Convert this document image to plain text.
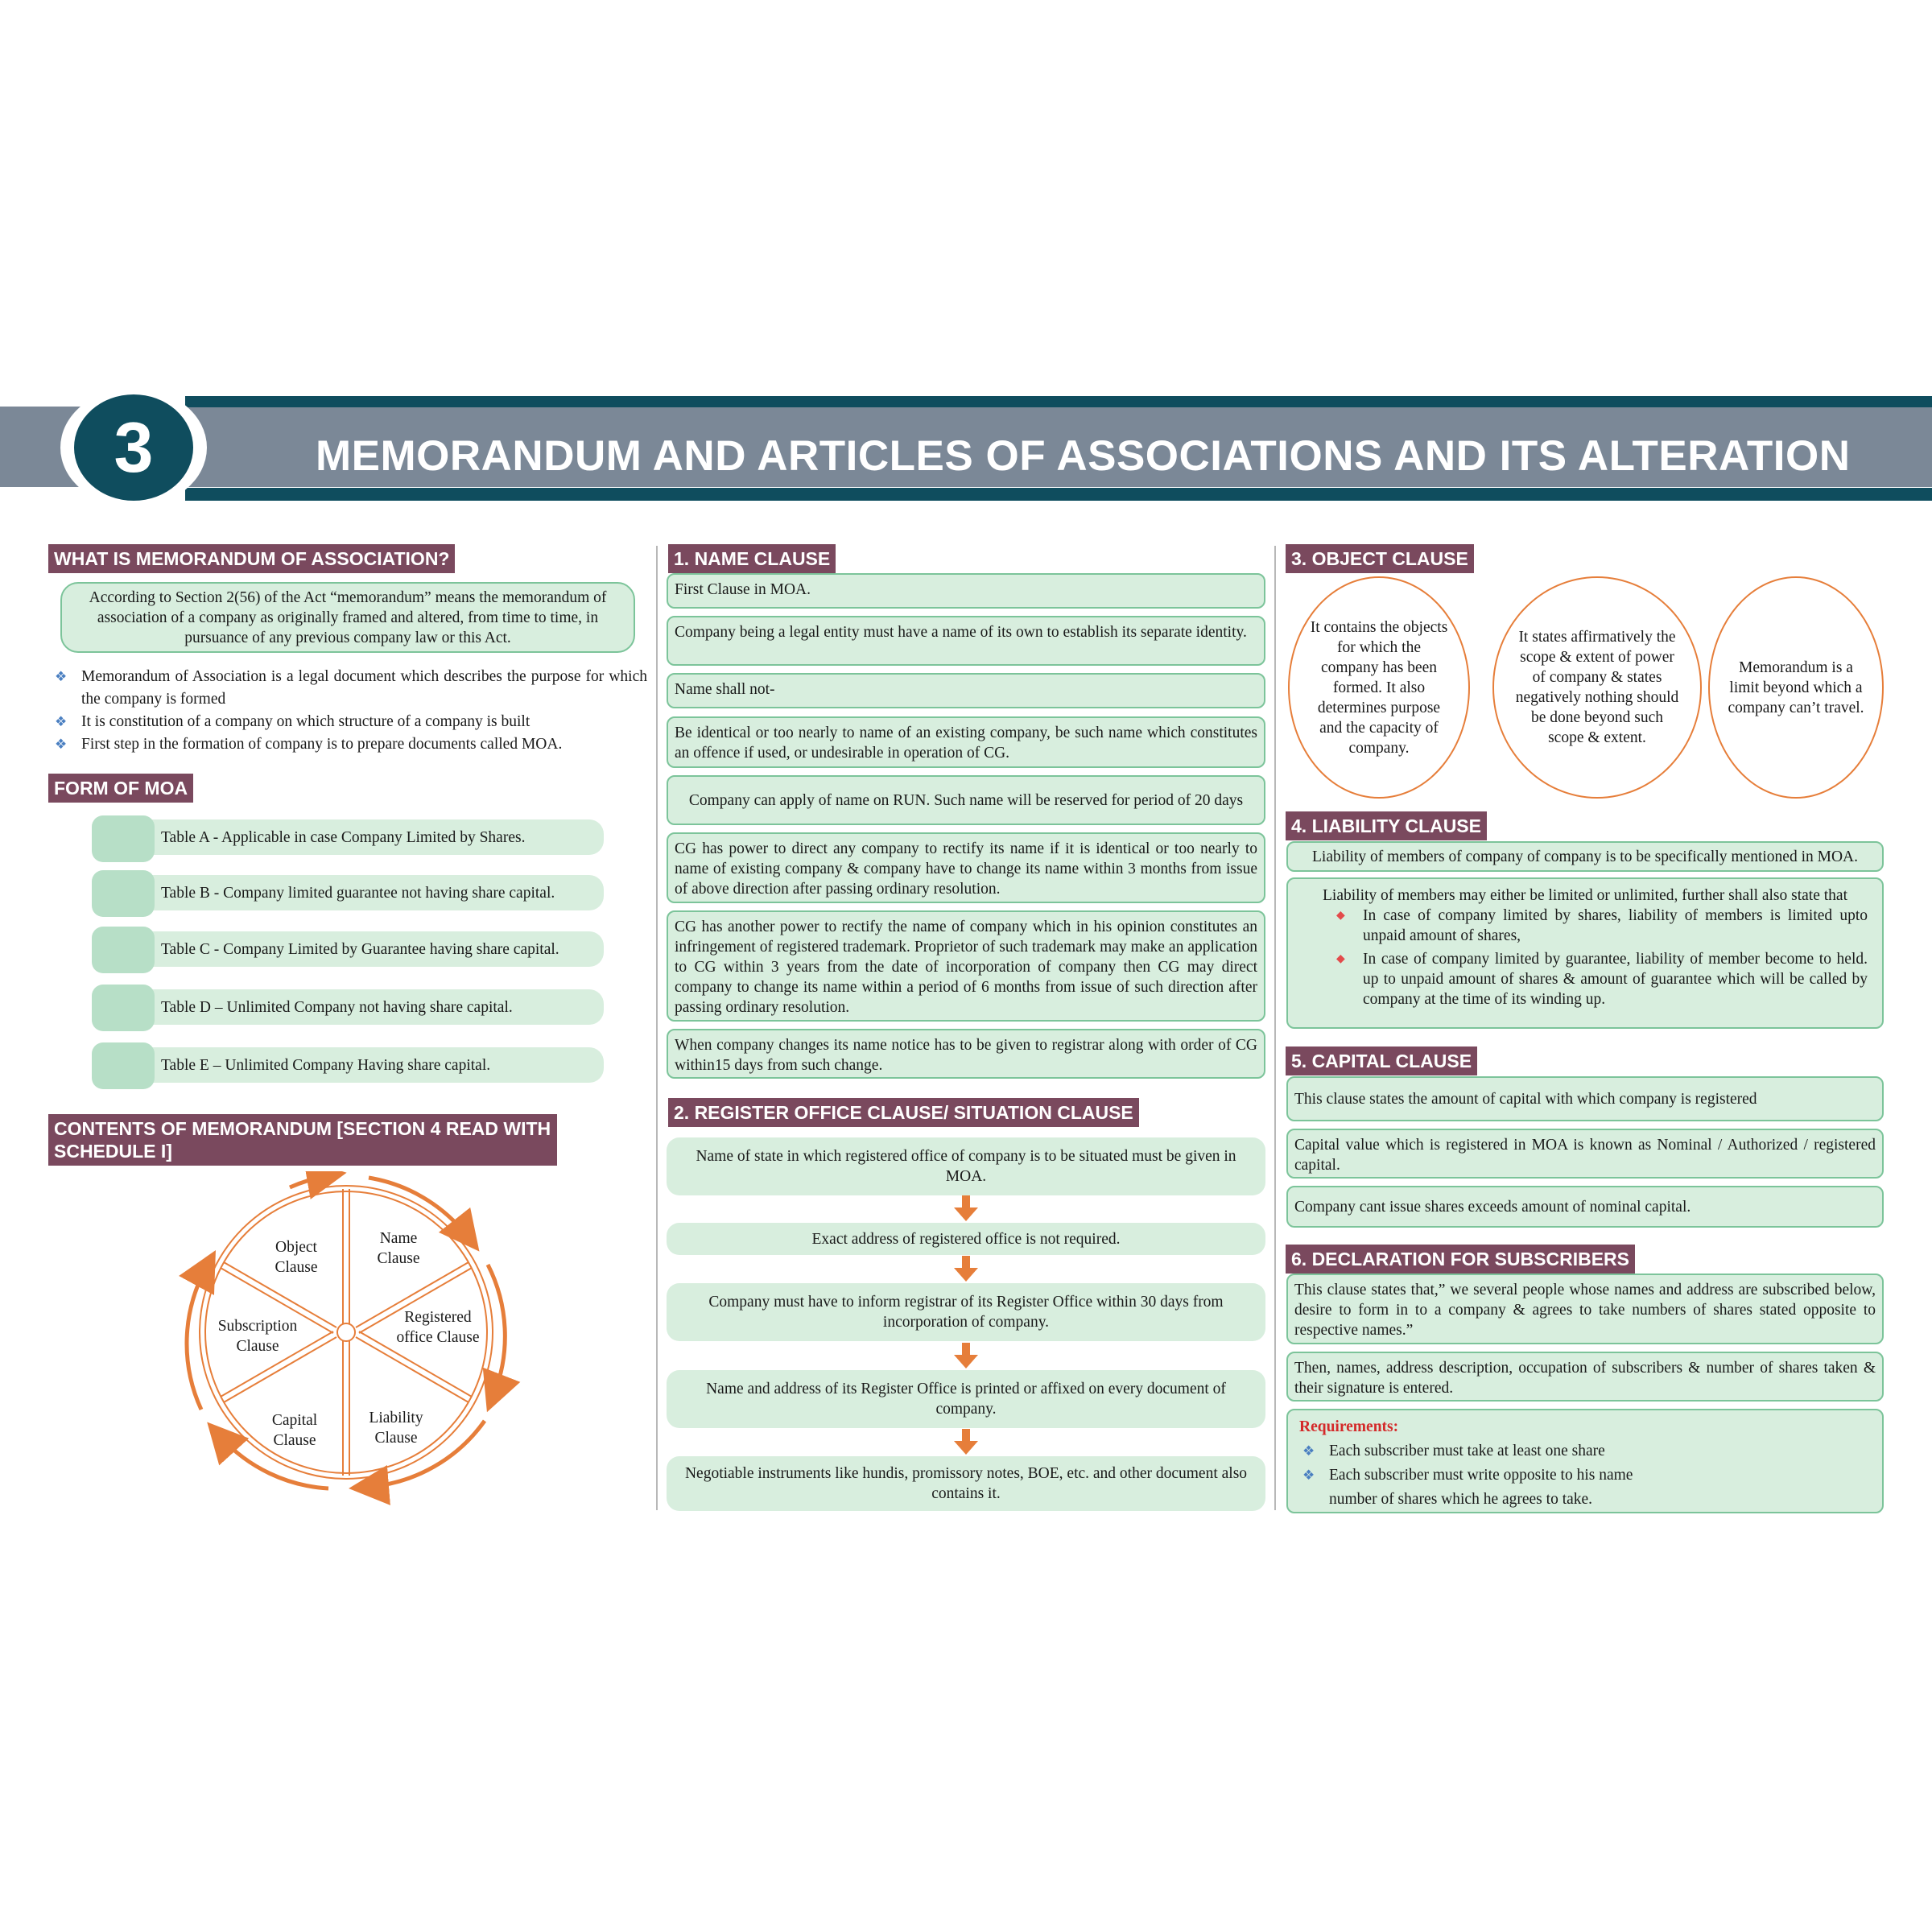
3	MEMORANDUM AND ARTICLES OF ASSOCIATIONS AND ITS ALTERATION
WHAT IS MEMORANDUM OF ASSOCIATION?
According to Section 2(56) of the Act “memorandum” means the memorandum of association of a company as originally framed and altered, from time to time, in pursuance of any previous company law or this Act.
❖ Memorandum of Association is a legal document which describes the purpose for which the company is formed
❖ It is constitution of a company on which structure of a company is built
❖ First step in the formation of company is to prepare documents called MOA.
FORM OF MOA
Table A - Applicable in case Company Limited by Shares.
Table B - Company limited guarantee not having share capital.
Table C - Company Limited by Guarantee having share capital.
Table D – Unlimited Company not having share capital.
Table E – Unlimited Company Having share capital.
CONTENTS OF MEMORANDUM [SECTION 4 READ WITH
SCHEDULE I]
Name Clause
Registered office Clause
Liability Clause
Capital Clause
Subscription Clause
Object Clause
1. NAME CLAUSE
First Clause in MOA.
Company being a legal entity must have a name of its own to establish its separate identity.
Name shall not-
Be identical or too nearly to name of an existing company, be such name which constitutes an offence if used, or undesirable in operation of CG.
Company can apply of name on RUN. Such name will be reserved for period of 20 days
CG has power to direct any company to rectify its name if it is identical or too nearly to name of existing company & company have to change its name within 3 months from issue of above direction after passing ordinary resolution.
CG has another power to rectify the name of company which in his opinion constitutes an infringement of registered trademark. Proprietor of such trademark may make an application to CG within 3 years from the date of incorporation of company then CG may direct company to change its name within a period of 6 months from issue of such direction after passing ordinary resolution.
When company changes its name notice has to be given to registrar along with order of CG within15 days from such change.
2. REGISTER OFFICE CLAUSE/ SITUATION CLAUSE
Name of state in which registered office of company is to be situated must be given in MOA.
Exact address of registered office is not required.
Company must have to inform registrar of its Register Office within 30 days from incorporation of company.
Name and address of its Register Office is printed or affixed on every document of company.
Negotiable instruments like hundis, promissory notes, BOE, etc. and other document also contains it.
3. OBJECT CLAUSE
It contains the objects for which the company has been formed. It also determines purpose and the capacity of company.
It states affirmatively the scope & extent of power of company & states negatively nothing should be done beyond such scope & extent.
Memorandum is a limit beyond which a company can’t travel.
4. LIABILITY CLAUSE
Liability of members of company of company is to be specifically mentioned in MOA.
Liability of members may either be limited or unlimited, further shall also state that
◆ In case of company limited by shares, liability of members is limited upto unpaid amount of shares,
◆ In case of company limited by guarantee, liability of member become to held. up to unpaid amount of shares & amount of guarantee which will be called by company at the time of its winding up.
5. CAPITAL CLAUSE
This clause states the amount of capital with which company is registered
Capital value which is registered in MOA is known as Nominal / Authorized / registered capital.
Company cant issue shares exceeds amount of nominal capital.
6. DECLARATION FOR SUBSCRIBERS
This clause states that,” we several people whose names and address are subscribed below, desire to form in to a company & agrees to take numbers of shares stated opposite to respective names.”
Then, names, address description, occupation of subscribers & number of shares taken & their signature is entered.
Requirements:
❖ Each subscriber must take at least one share
❖ Each subscriber must write opposite to his name
number of shares which he agrees to take.
